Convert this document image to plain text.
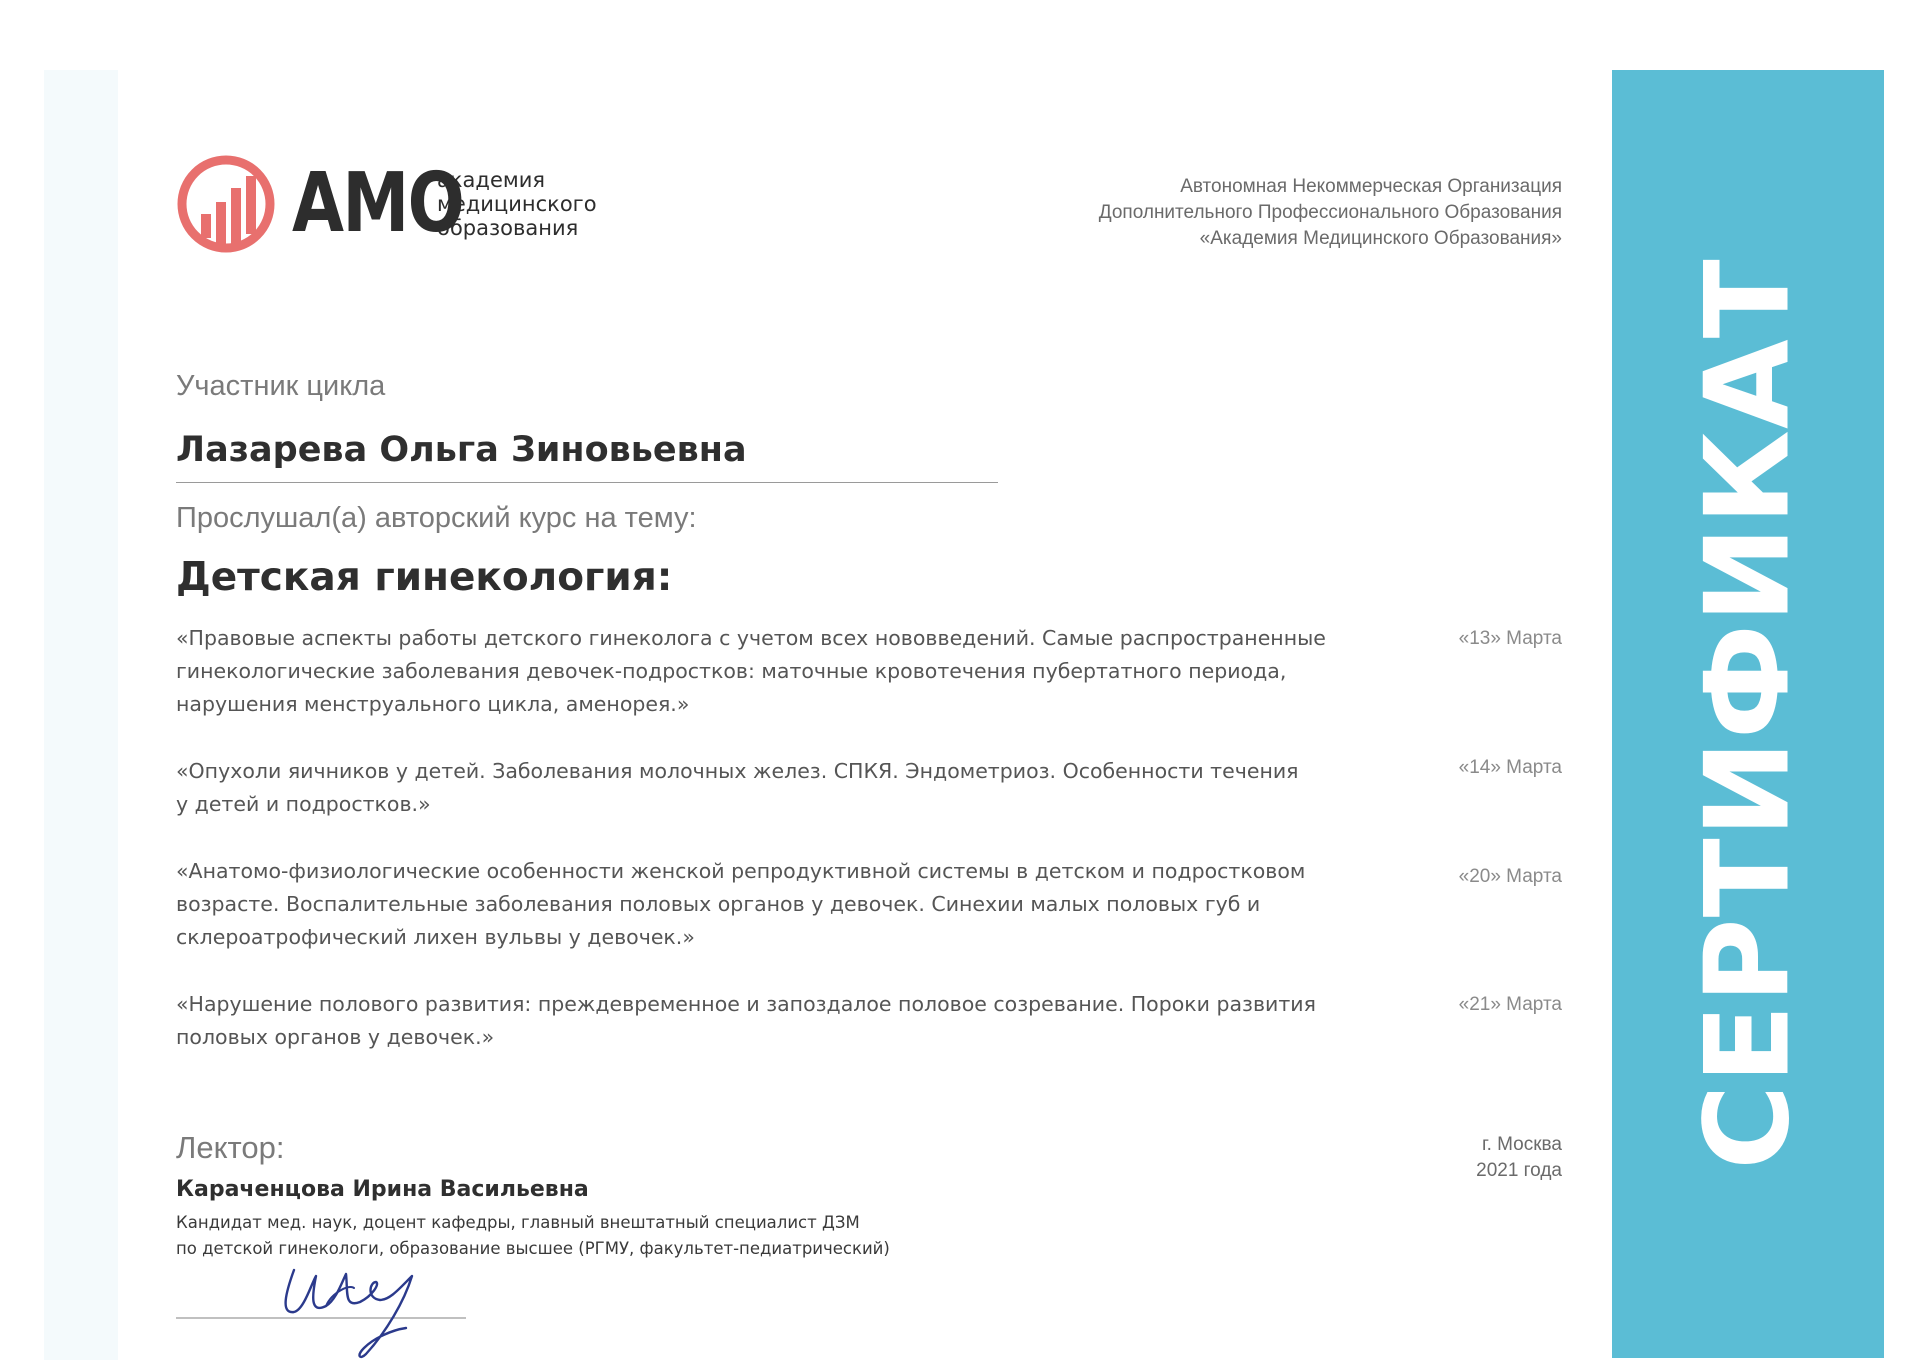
АМО
академия
медицинского
образования
Автономная Некоммерческая Организация
Дополнительного Профессионального Образования
«Академия Медицинского Образования»
Участник цикла
Лазарева Ольга Зиновьевна
Прослушал(а) авторский курс на тему:
Детская гинекология:
«Правовые аспекты работы детского гинеколога с учетом всех нововведений. Самые распространенные
гинекологические заболевания девочек-подростков: маточные кровотечения пубертатного периода,
нарушения менструального цикла, аменорея.»
«13» Марта
«Опухоли яичников у детей. Заболевания молочных желез. СПКЯ. Эндометриоз. Особенности течения
у детей и подростков.»
«14» Марта
«Анатомо-физиологические особенности женской репродуктивной системы в детском и подростковом
возрасте. Воспалительные заболевания половых органов у девочек. Синехии малых половых губ и
склероатрофический лихен вульвы у девочек.»
«20» Марта
«Нарушение полового развития: преждевременное и запоздалое половое созревание. Пороки развития
половых органов у девочек.»
«21» Марта
Лектор:
Караченцова Ирина Васильевна
Кандидат мед. наук, доцент кафедры, главный внештатный специалист ДЗМ
по детской гинекологи, образование высшее (РГМУ, факультет-педиатрический)
г. Москва
2021 года
СЕРТИФИКАТ
